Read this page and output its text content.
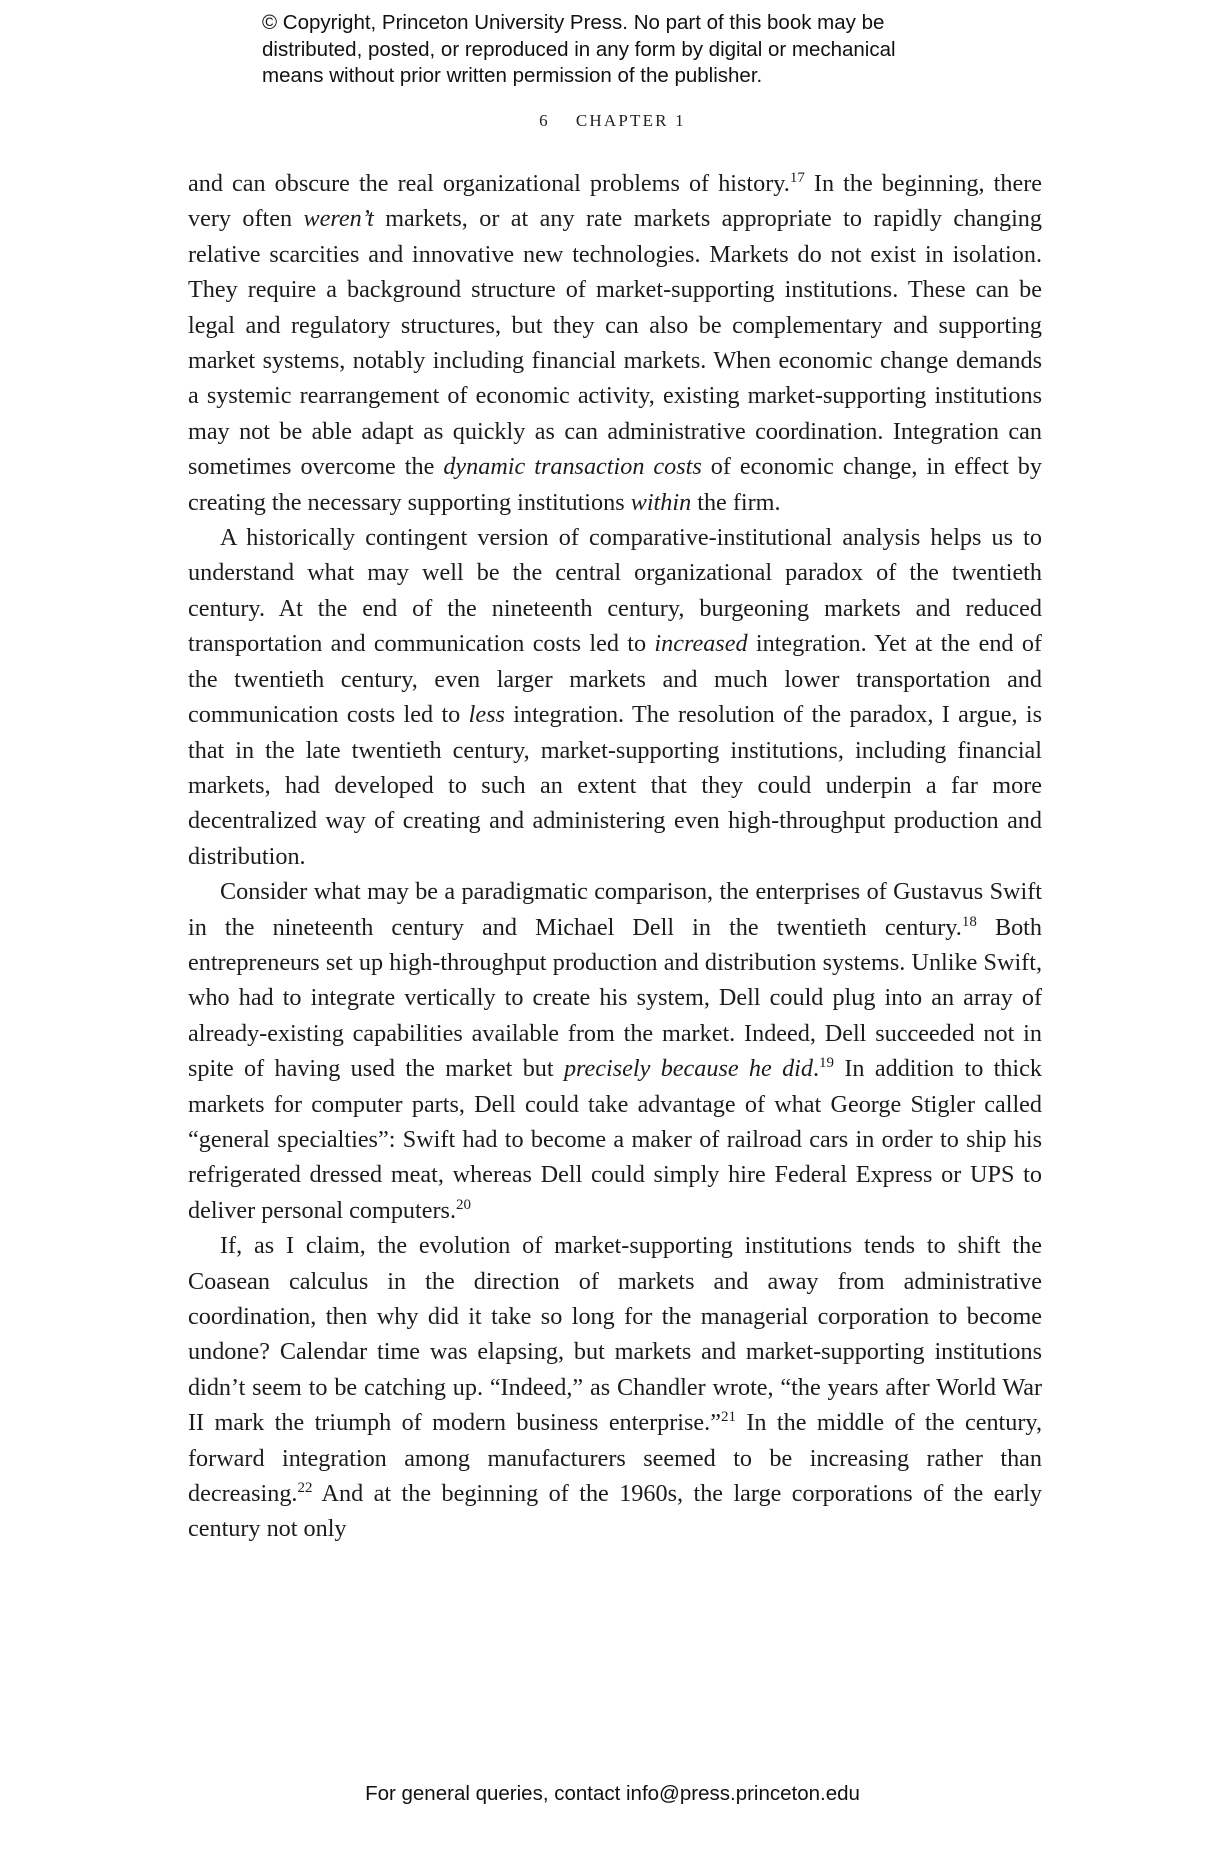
© Copyright, Princeton University Press. No part of this book may be
distributed, posted, or reproduced in any form by digital or mechanical
means without prior written permission of the publisher.
6 CHAPTER 1

and can obscure the real organizational problems of history.$^{17}$ In the beginning, there very often weren’t markets, or at any rate markets appropriate to rapidly changing relative scarcities and innovative new technologies. Markets do not exist in isolation. They require a background structure of market-supporting institutions. These can be legal and regulatory structures, but they can also be complementary and supporting market systems, notably including financial markets. When economic change demands a systemic rearrangement of economic activity, existing market-supporting institutions may not be able adapt as quickly as can administrative coordination. Integration can sometimes overcome the dynamic transaction costs of economic change, in effect by creating the necessary supporting institutions within the firm.

A historically contingent version of comparative-institutional analysis helps us to understand what may well be the central organizational paradox of the twentieth century. At the end of the nineteenth century, burgeoning markets and reduced transportation and communication costs led to increased integration. Yet at the end of the twentieth century, even larger markets and much lower transportation and communication costs led to less integration. The resolution of the paradox, I argue, is that in the late twentieth century, market-supporting institutions, including financial markets, had developed to such an extent that they could underpin a far more decentralized way of creating and administering even high-throughput production and distribution.

Consider what may be a paradigmatic comparison, the enterprises of Gustavus Swift in the nineteenth century and Michael Dell in the twentieth century.$^{18}$ Both entrepreneurs set up high-throughput production and distribution systems. Unlike Swift, who had to integrate vertically to create his system, Dell could plug into an array of already-existing capabilities available from the market. Indeed, Dell succeeded not in spite of having used the market but precisely because he did.$^{19}$ In addition to thick markets for computer parts, Dell could take advantage of what George Stigler called “general specialties”: Swift had to become a maker of railroad cars in order to ship his refrigerated dressed meat, whereas Dell could simply hire Federal Express or UPS to deliver personal computers.$^{20}$

If, as I claim, the evolution of market-supporting institutions tends to shift the Coasean calculus in the direction of markets and away from administrative coordination, then why did it take so long for the managerial corporation to become undone? Calendar time was elapsing, but markets and market-supporting institutions didn’t seem to be catching up. “Indeed,” as Chandler wrote, “the years after World War II mark the triumph of modern business enterprise.”$^{21}$ In the middle of the century, forward integration among manufacturers seemed to be increasing rather than decreasing.$^{22}$ And at the beginning of the 1960s, the large corporations of the early century not only

For general queries, contact info@press.princeton.edu
